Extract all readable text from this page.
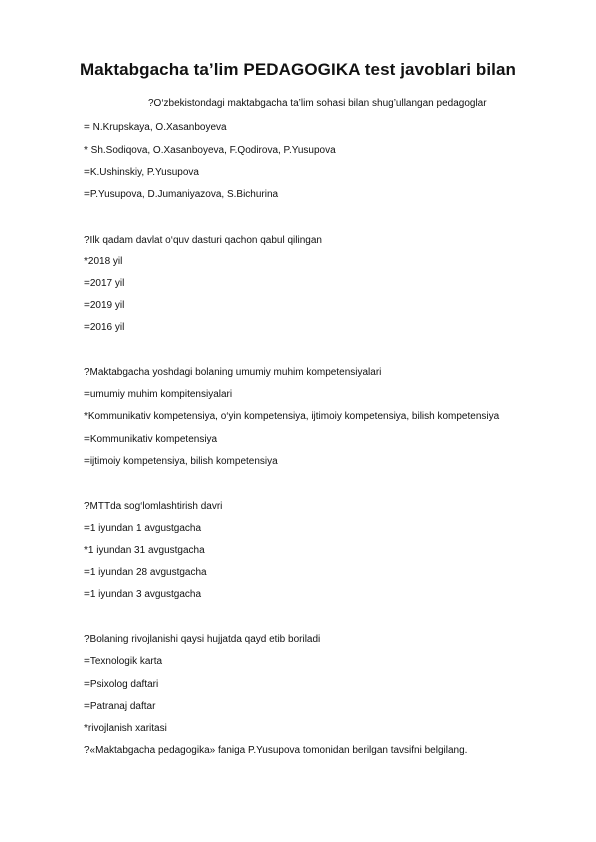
Maktabgacha ta’lim PEDAGOGIKA test javoblari bilan
?O‘zbekistondagi maktabgacha ta’lim sohasi bilan shug’ullangan pedagoglar
= N.Krupskaya, O.Xasanboyeva
* Sh.Sodiqova, O.Xasanboyeva, F.Qodirova, P.Yusupova
=K.Ushinskiy, P.Yusupova
=P.Yusupova, D.Jumaniyazova, S.Bichurina
?Ilk qadam davlat o‘quv dasturi qachon qabul qilingan
*2018 yil
=2017 yil
=2019 yil
=2016 yil
?Maktabgacha yoshdagi bolaning umumiy muhim kompetensiyalari
=umumiy muhim kompitensiyalari
*Kommunikativ kompetensiya, o‘yin kompetensiya, ijtimoiy kompetensiya, bilish kompetensiya
=Kommunikativ kompetensiya
=ijtimoiy kompetensiya, bilish kompetensiya
?MTTda sog‘lomlashtirish davri
=1 iyundan 1 avgustgacha
*1 iyundan 31 avgustgacha
=1 iyundan 28 avgustgacha
=1 iyundan 3 avgustgacha
?Bolaning rivojlanishi qaysi hujjatda qayd etib boriladi
=Texnologik karta
=Psixolog daftari
=Patranaj daftar
*rivojlanish xaritasi
?«Maktabgacha pedagogika» faniga P.Yusupova tomonidan berilgan tavsifni belgilang.
